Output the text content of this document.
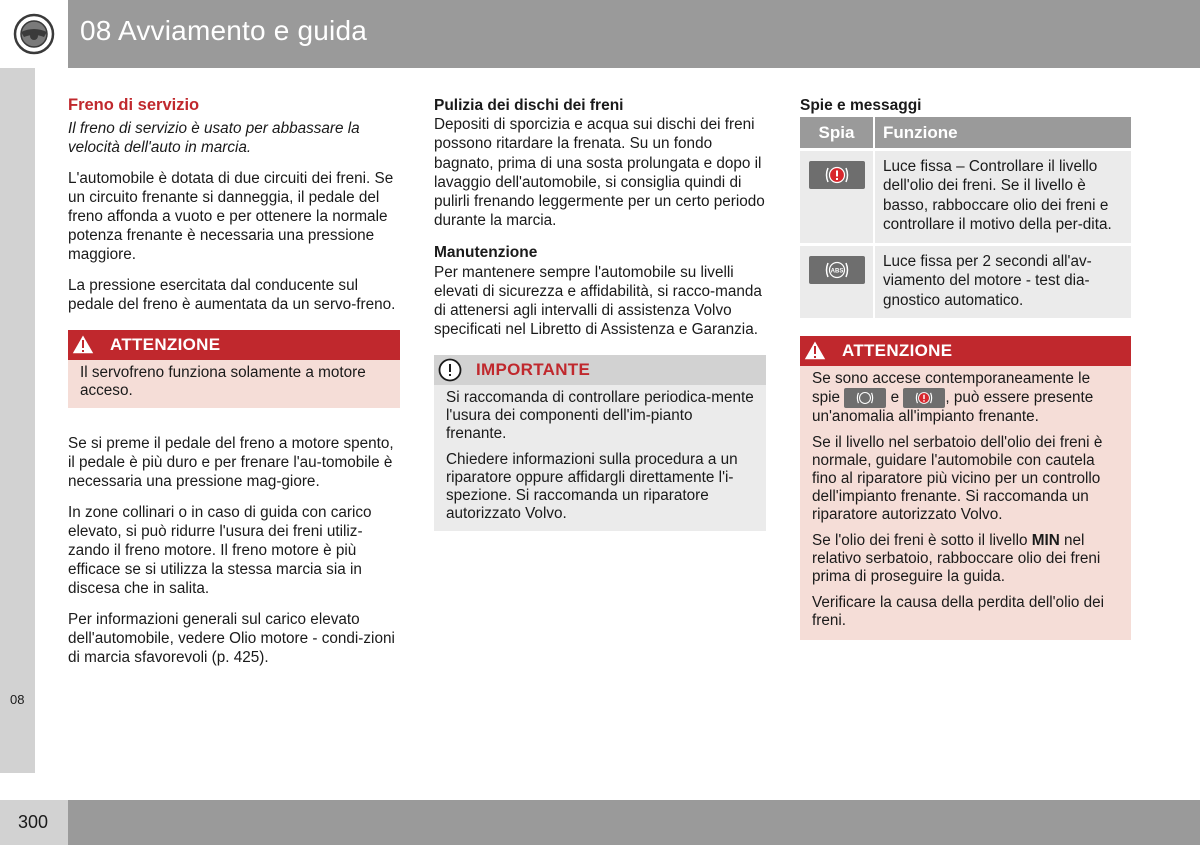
08 Avviamento e guida
08
300
Freno di servizio

Il freno di servizio è usato per abbassare la velocità dell'auto in marcia.

L'automobile è dotata di due circuiti dei freni. Se un circuito frenante si danneggia, il pedale del freno affonda a vuoto e per ottenere la normale potenza frenante è necessaria una pressione maggiore.

La pressione esercitata dal conducente sul pedale del freno è aumentata da un servo-freno.

ATTENZIONE

Il servofreno funziona solamente a motore acceso.

Se si preme il pedale del freno a motore spento, il pedale è più duro e per frenare l'au-tomobile è necessaria una pressione mag-giore.

In zone collinari o in caso di guida con carico elevato, si può ridurre l'usura dei freni utiliz-zando il freno motore. Il freno motore è più efficace se si utilizza la stessa marcia sia in discesa che in salita.

Per informazioni generali sul carico elevato dell'automobile, vedere Olio motore - condi-zioni di marcia sfavorevoli (p. 425).

Pulizia dei dischi dei freni

Depositi di sporcizia e acqua sui dischi dei freni possono ritardare la frenata. Su un fondo bagnato, prima di una sosta prolungata e dopo il lavaggio dell'automobile, si consiglia quindi di pulirli frenando leggermente per un certo periodo durante la marcia.

Manutenzione

Per mantenere sempre l'automobile su livelli elevati di sicurezza e affidabilità, si racco-manda di attenersi agli intervalli di assistenza Volvo specificati nel Libretto di Assistenza e Garanzia.

IMPORTANTE

Si raccomanda di controllare periodica-mente l'usura dei componenti dell'im-pianto frenante.

Chiedere informazioni sulla procedura a un riparatore oppure affidargli direttamente l'i-spezione. Si raccomanda un riparatore autorizzato Volvo.

Spie e messaggi
Spia	Funzione

	Luce fissa – Controllare il livello dell'olio dei freni. Se il livello è basso, rabboccare olio dei freni e controllare il motivo della per-dita.

ABS	Luce fissa per 2 secondi all'av-viamento del motore - test dia-gnostico automatico.
ATTENZIONE

Se sono accese contemporaneamente le spie	e	, può essere presente un'anomalia all'impianto frenante.

Se il livello nel serbatoio dell'olio dei freni è normale, guidare l'automobile con cautela fino al riparatore più vicino per un controllo dell'impianto frenante. Si raccomanda un riparatore autorizzato Volvo.

Se l'olio dei freni è sotto il livello MIN nel relativo serbatoio, rabboccare olio dei freni prima di proseguire la guida.

Verificare la causa della perdita dell'olio dei freni.
